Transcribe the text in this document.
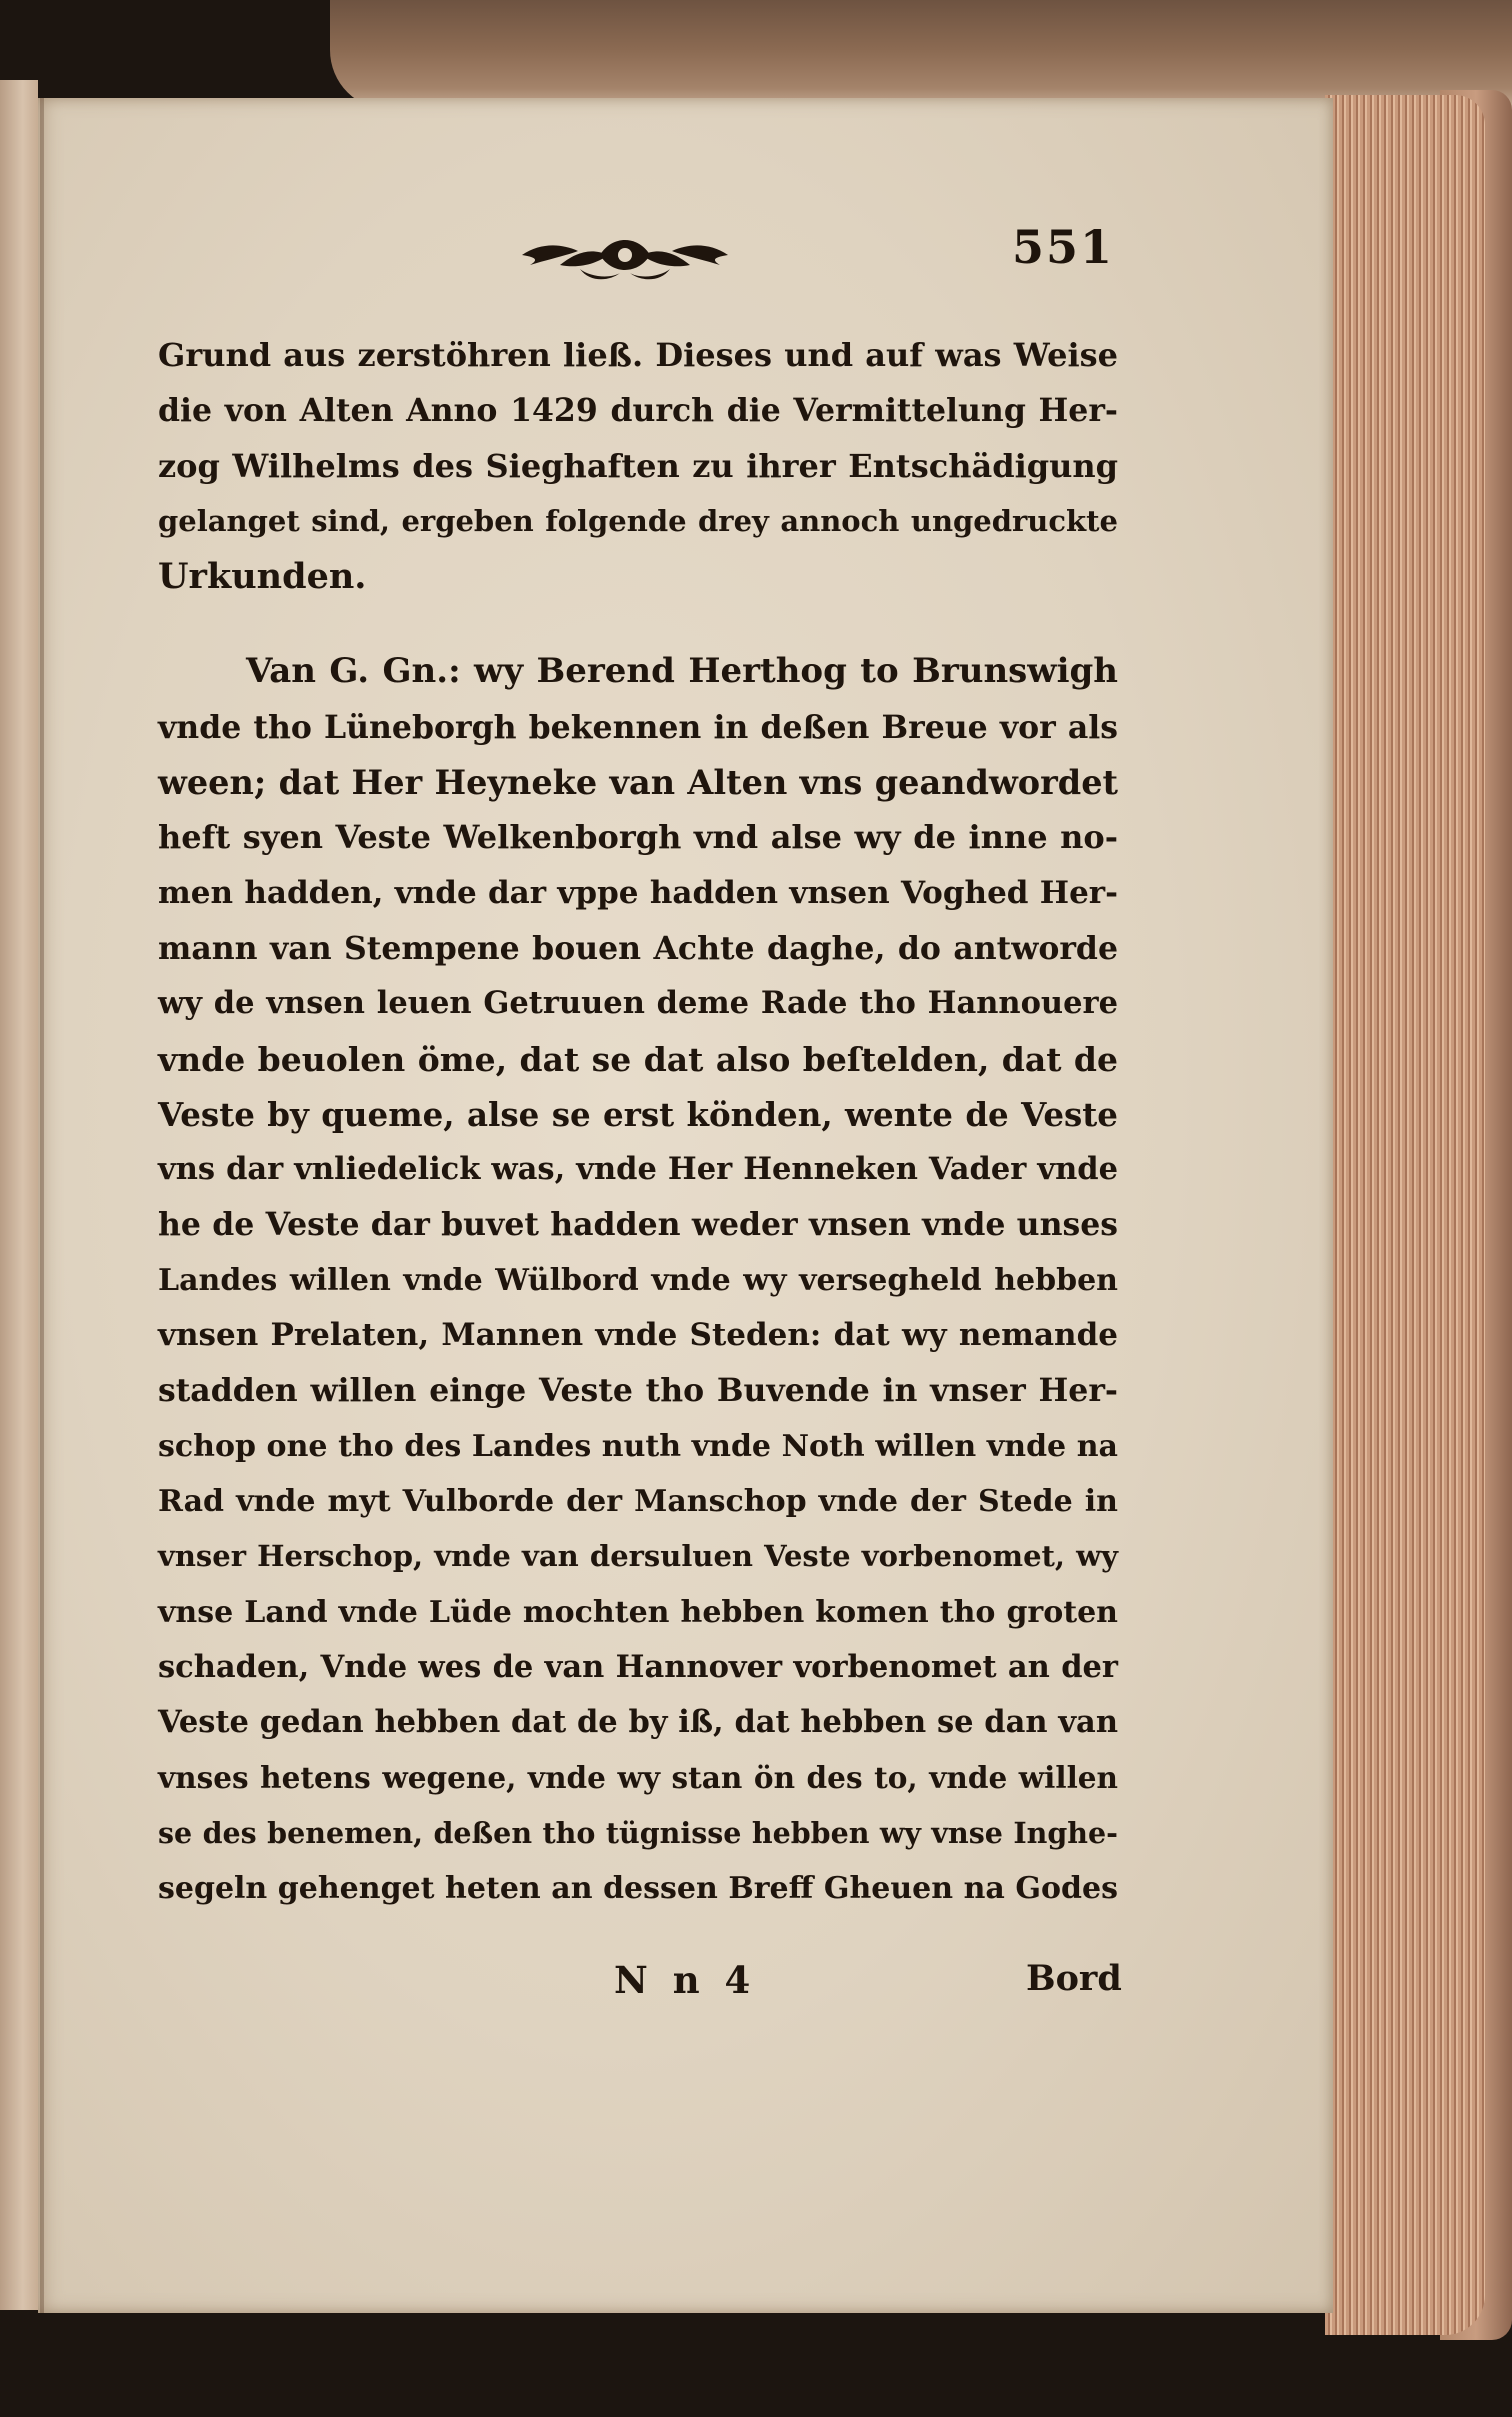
551
Grund aus zerstöhren ließ. Dieses und auf was Weise
die von Alten Anno 1429 durch die Vermittelung Her-
zog Wilhelms des Sieghaften zu ihrer Entschädigung
gelanget sind, ergeben folgende drey annoch ungedruckte
Urkunden.
Van G. Gn.: wy Berend Herthog to Brunswigh
vnde tho Lüneborgh bekennen in deßen Breue vor als
ween; dat Her Heyneke van Alten vns geandwordet
heft syen Veste Welkenborgh vnd alse wy de inne no-
men hadden, vnde dar vppe hadden vnsen Voghed Her-
mann van Stempene bouen Achte daghe, do antworde
wy de vnsen leuen Getruuen deme Rade tho Hannouere
vnde beuolen öme, dat se dat also beſtelden, dat de
Veste by queme, alse se erst könden, wente de Veste
vns dar vnliedelick was, vnde Her Henneken Vader vnde
he de Veste dar buvet hadden weder vnsen vnde unses
Landes willen vnde Wülbord vnde wy versegheld hebben
vnsen Prelaten, Mannen vnde Steden: dat wy nemande
stadden willen einge Veste tho Buvende in vnser Her-
schop one tho des Landes nuth vnde Noth willen vnde na
Rad vnde myt Vulborde der Manschop vnde der Stede in
vnser Herschop, vnde van dersuluen Veste vorbenomet, wy
vnse Land vnde Lüde mochten hebben komen tho groten
schaden, Vnde wes de van Hannover vorbenomet an der
Veste gedan hebben dat de by iß, dat hebben se dan van
vnses hetens wegene, vnde wy stan ön des to, vnde willen
se des benemen, deßen tho tügnisse hebben wy vnse Inghe-
segeln gehenget heten an dessen Breff Gheuen na Godes
N n 4	Bord
